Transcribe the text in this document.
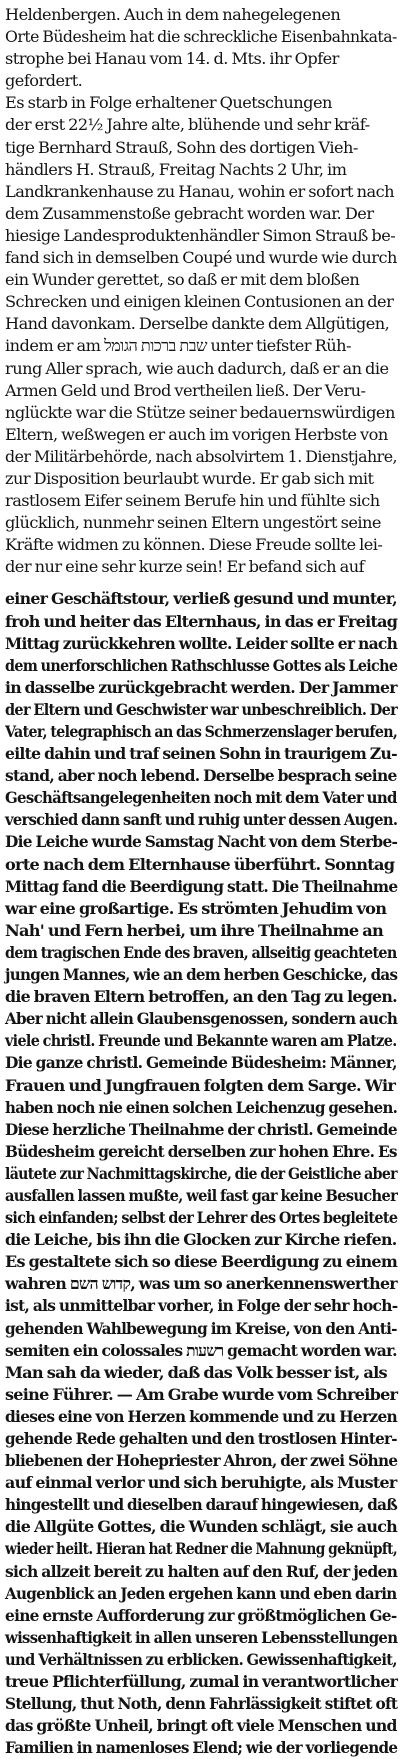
Heldenbergen. Auch in dem nahegelegenen
Orte Büdesheim hat die schreckliche Eisenbahnkata-
strophe bei Hanau vom 14. d. Mts. ihr Opfer
gefordert.
Es starb in Folge erhaltener Quetschungen
der erst 22½ Jahre alte, blühende und sehr kräf-
tige Bernhard Strauß, Sohn des dortigen Vieh-
händlers H. Strauß, Freitag Nachts 2 Uhr, im
Landkrankenhause zu Hanau, wohin er sofort nach
dem Zusammenstoße gebracht worden war. Der
hiesige Landesproduktenhändler Simon Strauß be-
fand sich in demselben Coupé und wurde wie durch
ein Wunder gerettet, so daß er mit dem bloßen
Schrecken und einigen kleinen Contusionen an der
Hand davonkam. Derselbe dankte dem Allgütigen,
indem er am שבת ברכות הגומל unter tiefster Rüh-
rung Aller sprach, wie auch dadurch, daß er an die
Armen Geld und Brod vertheilen ließ. Der Veru-
nglückte war die Stütze seiner bedauernswürdigen
Eltern, weßwegen er auch im vorigen Herbste von
der Militärbehörde, nach absolvirtem 1. Dienstjahre,
zur Disposition beurlaubt wurde. Er gab sich mit
rastlosem Eifer seinem Berufe hin und fühlte sich
glücklich, nunmehr seinen Eltern ungestört seine
Kräfte widmen zu können. Diese Freude sollte lei-
der nur eine sehr kurze sein! Er befand sich auf
einer Geschäftstour, verließ gesund und munter,
froh und heiter das Elternhaus, in das er Freitag
Mittag zurückkehren wollte. Leider sollte er nach
dem unerforschlichen Rathschlusse Gottes als Leiche
in dasselbe zurückgebracht werden. Der Jammer
der Eltern und Geschwister war unbeschreiblich. Der
Vater, telegraphisch an das Schmerzenslager berufen,
eilte dahin und traf seinen Sohn in traurigem Zu-
stand, aber noch lebend. Derselbe besprach seine
Geschäftsangelegenheiten noch mit dem Vater und
verschied dann sanft und ruhig unter dessen Augen.
Die Leiche wurde Samstag Nacht von dem Sterbe-
orte nach dem Elternhause überführt. Sonntag
Mittag fand die Beerdigung statt. Die Theilnahme
war eine großartige. Es strömten Jehudim von
Nah' und Fern herbei, um ihre Theilnahme an
dem tragischen Ende des braven, allseitig geachteten
jungen Mannes, wie an dem herben Geschicke, das
die braven Eltern betroffen, an den Tag zu legen.
Aber nicht allein Glaubensgenossen, sondern auch
viele christl. Freunde und Bekannte waren am Platze.
Die ganze christl. Gemeinde Büdesheim: Männer,
Frauen und Jungfrauen folgten dem Sarge. Wir
haben noch nie einen solchen Leichenzug gesehen.
Diese herzliche Theilnahme der christl. Gemeinde
Büdesheim gereicht derselben zur hohen Ehre. Es
läutete zur Nachmittagskirche, die der Geistliche aber
ausfallen lassen mußte, weil fast gar keine Besucher
sich einfanden; selbst der Lehrer des Ortes begleitete
die Leiche, bis ihn die Glocken zur Kirche riefen.
Es gestaltete sich so diese Beerdigung zu einem
wahren קדוש השם, was um so anerkennenswerther
ist, als unmittelbar vorher, in Folge der sehr hoch-
gehenden Wahlbewegung im Kreise, von den Anti-
semiten ein colossales רשעות gemacht worden war.
Man sah da wieder, daß das Volk besser ist, als
seine Führer. — Am Grabe wurde vom Schreiber
dieses eine von Herzen kommende und zu Herzen
gehende Rede gehalten und den trostlosen Hinter-
bliebenen der Hohepriester Ahron, der zwei Söhne
auf einmal verlor und sich beruhigte, als Muster
hingestellt und dieselben darauf hingewiesen, daß
die Allgüte Gottes, die Wunden schlägt, sie auch
wieder heilt. Hieran hat Redner die Mahnung geknüpft,
sich allzeit bereit zu halten auf den Ruf, der jeden
Augenblick an Jeden ergehen kann und eben darin
eine ernste Aufforderung zur größtmöglichen Ge-
wissenhaftigkeit in allen unseren Lebensstellungen
und Verhältnissen zu erblicken. Gewissenhaftigkeit,
treue Pflichterfüllung, zumal in verantwortlicher
Stellung, thut Noth, denn Fahrlässigkeit stiftet oft
das größte Unheil, bringt oft viele Menschen und
Familien in namenloses Elend; wie der vorliegende
